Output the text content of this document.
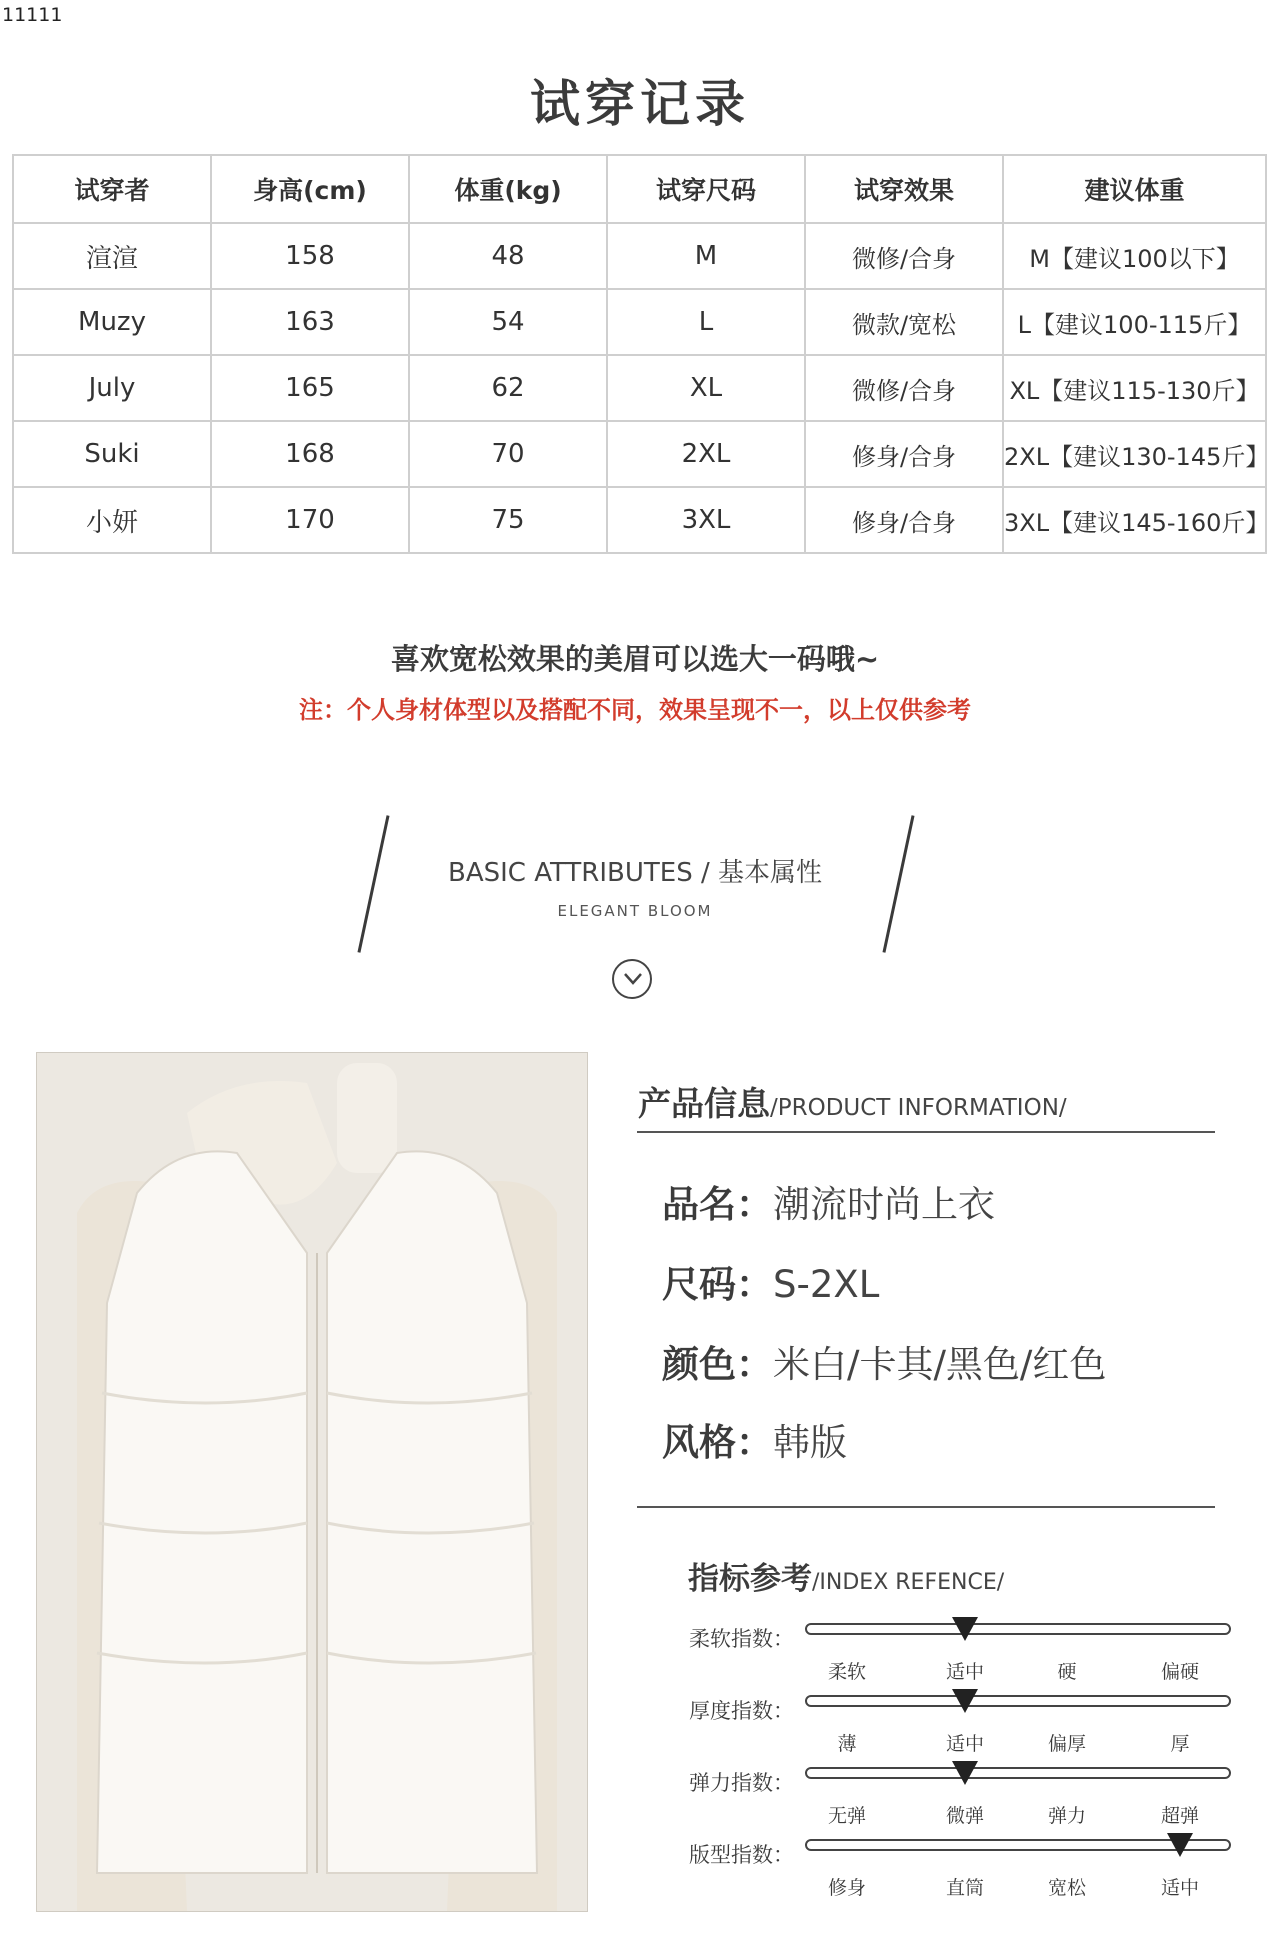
11111
试穿记录
试穿者	身高(cm)	体重(kg)	试穿尺码	试穿效果	建议体重
渲渲	158	48	M	微修/合身	M【建议100以下】
Muzy	163	54	L	微款/宽松	L【建议100-115斤】
July	165	62	XL	微修/合身	XL【建议115-130斤】
Suki	168	70	2XL	修身/合身	2XL【建议130-145斤】
小妍	170	75	3XL	修身/合身	3XL【建议145-160斤】
喜欢宽松效果的美眉可以选大一码哦~
注：个人身材体型以及搭配不同，效果呈现不一，以上仅供参考
BASIC ATTRIBUTES / 基本属性
ELEGANT BLOOM
产品信息/PRODUCT INFORMATION/
品名：潮流时尚上衣
尺码：S-2XL
颜色：米白/卡其/黑色/红色
风格：韩版
指标参考/INDEX REFENCE/
柔软指数：
柔软	适中	硬	偏硬
厚度指数：
薄	适中	偏厚	厚
弹力指数：
无弹	微弹	弹力	超弹
版型指数：
修身	直筒	宽松	适中
